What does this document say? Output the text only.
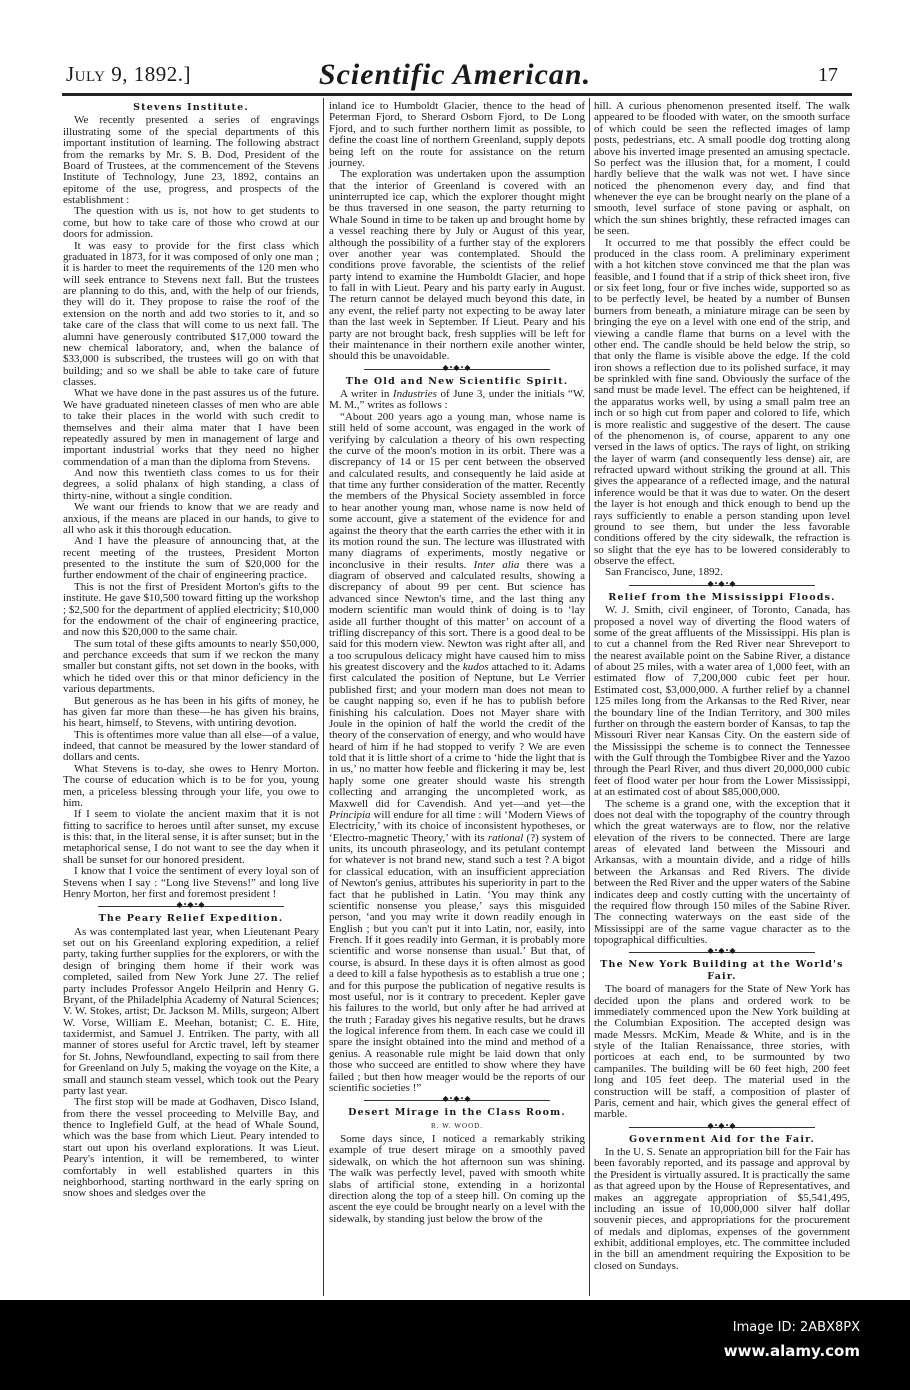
July 9, 1892.]	Scientific American.	17
Stevens Institute.

We recently presented a series of engravings illustrating some of the special departments of this important institution of learning. The following abstract from the remarks by Mr. S. B. Dod, President of the Board of Trustees, at the commencement of the Stevens Institute of Technology, June 23, 1892, contains an epitome of the use, progress, and prospects of the establishment :

The question with us is, not how to get students to come, but how to take care of those who crowd at our doors for admission.

It was easy to provide for the first class which graduated in 1873, for it was composed of only one man ; it is harder to meet the requirements of the 120 men who will seek entrance to Stevens next fall. But the trustees are planning to do this, and, with the help of our friends, they will do it. They propose to raise the roof of the extension on the north and add two stories to it, and so take care of the class that will come to us next fall. The alumni have generously contributed $17,000 toward the new chemical laboratory, and, when the balance of $33,000 is subscribed, the trustees will go on with that building; and so we shall be able to take care of future classes.

What we have done in the past assures us of the future. We have graduated nineteen classes of men who are able to take their places in the world with such credit to themselves and their alma mater that I have been repeatedly assured by men in management of large and important industrial works that they need no higher commendation of a man than the diploma from Stevens.

And now this twentieth class comes to us for their degrees, a solid phalanx of high standing, a class of thirty-nine, without a single condition.

We want our friends to know that we are ready and anxious, if the means are placed in our hands, to give to all who ask it this thorough education.

And I have the pleasure of announcing that, at the recent meeting of the trustees, President Morton presented to the institute the sum of $20,000 for the further endowment of the chair of engineering practice.

This is not the first of President Morton's gifts to the institute. He gave $10,500 toward fitting up the workshop ; $2,500 for the department of applied electricity; $10,000 for the endowment of the chair of engineering practice, and now this $20,000 to the same chair.

The sum total of these gifts amounts to nearly $50,000, and perchance exceeds that sum if we reckon the many smaller but constant gifts, not set down in the books, with which he tided over this or that minor deficiency in the various departments.

But generous as he has been in his gifts of money, he has given far more than these—he has given his brains, his heart, himself, to Stevens, with untiring devotion.

This is oftentimes more value than all else—of a value, indeed, that cannot be measured by the lower standard of dollars and cents.

What Stevens is to-day, she owes to Henry Morton. The course of education which is to be for you, young men, a priceless blessing through your life, you owe to him.

If I seem to violate the ancient maxim that it is not fitting to sacrifice to heroes until after sunset, my excuse is this: that, in the literal sense, it is after sunset; but in the metaphorical sense, I do not want to see the day when it shall be sunset for our honored president.

I know that I voice the sentiment of every loyal son of Stevens when I say : “Long live Stevens!” and long live Henry Morton, her first and foremost president !

◆•◆•◆
The Peary Relief Expedition.

As was contemplated last year, when Lieutenant Peary set out on his Greenland exploring expedition, a relief party, taking further supplies for the explorers, or with the design of bringing them home if their work was completed, sailed from New York June 27. The relief party includes Professor Angelo Heilprin and Henry G. Bryant, of the Philadelphia Academy of Natural Sciences; V. W. Stokes, artist; Dr. Jackson M. Mills, surgeon; Albert W. Vorse, William E. Meehan, botanist; C. E. Hite, taxidermist, and Samuel J. Entriken. The party, with all manner of stores useful for Arctic travel, left by steamer for St. Johns, Newfoundland, expecting to sail from there for Greenland on July 5, making the voyage on the Kite, a small and staunch steam vessel, which took out the Peary party last year.

The first stop will be made at Godhaven, Disco Island, from there the vessel proceeding to Melville Bay, and thence to Inglefield Gulf, at the head of Whale Sound, which was the base from which Lieut. Peary intended to start out upon his overland explorations. It was Lieut. Peary's intention, it will be remembered, to winter comfortably in well established quarters in this neighborhood, starting northward in the early spring on snow shoes and sledges over the

inland ice to Humboldt Glacier, thence to the head of Peterman Fjord, to Sherard Osborn Fjord, to De Long Fjord, and to such further northern limit as possible, to define the coast line of northern Greenland, supply depots being left on the route for assistance on the return journey.

The exploration was undertaken upon the assumption that the interior of Greenland is covered with an uninterrupted ice cap, which the explorer thought might be thus traversed in one season, the party returning to Whale Sound in time to be taken up and brought home by a vessel reaching there by July or August of this year, although the possibility of a further stay of the explorers over another year was contemplated. Should the conditions prove favorable, the scientists of the relief party intend to examine the Humboldt Glacier, and hope to fall in with Lieut. Peary and his party early in August. The return cannot be delayed much beyond this date, in any event, the relief party not expecting to be away later than the last week in September. If Lieut. Peary and his party are not brought back, fresh supplies will be left for their maintenance in their northern exile another winter, should this be unavoidable.

◆•◆•◆
The Old and New Scientific Spirit.

A writer in Industries of June 3, under the initials “W. M. M.,” writes as follows :

“About 200 years ago a young man, whose name is still held of some account, was engaged in the work of verifying by calculation a theory of his own respecting the curve of the moon's motion in its orbit. There was a discrepancy of 14 or 15 per cent between the observed and calculated results, and consequently he laid aside at that time any further consideration of the matter. Recently the members of the Physical Society assembled in force to hear another young man, whose name is now held of some account, give a statement of the evidence for and against the theory that the earth carries the ether with it in its motion round the sun. The lecture was illustrated with many diagrams of experiments, mostly negative or inconclusive in their results. Inter alia there was a diagram of observed and calculated results, showing a discrepancy of about 99 per cent. But science has advanced since Newton's time, and the last thing any modern scientific man would think of doing is to ‘lay aside all further thought of this matter’ on account of a trifling discrepancy of this sort. There is a good deal to be said for this modern view. Newton was right after all, and a too scrupulous delicacy might have caused him to miss his greatest discovery and the kudos attached to it. Adams first calculated the position of Neptune, but Le Verrier published first; and your modern man does not mean to be caught napping so, even if he has to publish before finishing his calculation. Does not Mayer share with Joule in the opinion of half the world the credit of the theory of the conservation of energy, and who would have heard of him if he had stopped to verify ? We are even told that it is little short of a crime to ‘hide the light that is in us,’ no matter how feeble and flickering it may be, lest haply some one greater should waste his strength collecting and arranging the uncompleted work, as Maxwell did for Cavendish. And yet—and yet—the Principia will endure for all time : will ‘Modern Views of Electricity,’ with its choice of inconsistent hypotheses, or ‘Electro-magnetic Theory,’ with its rational (?) system of units, its uncouth phraseology, and its petulant contempt for whatever is not brand new, stand such a test ? A bigot for classical education, with an insufficient appreciation of Newton's genius, attributes his superiority in part to the fact that he published in Latin. ‘You may think any scientific nonsense you please,’ says this misguided person, ‘and you may write it down readily enough in English ; but you can't put it into Latin, nor, easily, into French. If it goes readily into German, it is probably more scientific and worse nonsense than usual.’ But that, of course, is absurd. In these days it is often almost as good a deed to kill a false hypothesis as to establish a true one ; and for this purpose the publication of negative results is most useful, nor is it contrary to precedent. Kepler gave his failures to the world, but only after he had arrived at the truth ; Faraday gives his negative results, but he draws the logical inference from them. In each case we could ill spare the insight obtained into the mind and method of a genius. A reasonable rule might be laid down that only those who succeed are entitled to show where they have failed ; but then how meager would be the reports of our scientific societies !”

◆•◆•◆
Desert Mirage in the Class Room.
R. W. WOOD.

Some days since, I noticed a remarkably striking example of true desert mirage on a smoothly paved sidewalk, on which the hot afternoon sun was shining. The walk was perfectly level, paved with smooth white slabs of artificial stone, extending in a horizontal direction along the top of a steep hill. On coming up the ascent the eye could be brought nearly on a level with the sidewalk, by standing just below the brow of the

hill. A curious phenomenon presented itself. The walk appeared to be flooded with water, on the smooth surface of which could be seen the reflected images of lamp posts, pedestrians, etc. A small poodle dog trotting along above his inverted image presented an amusing spectacle. So perfect was the illusion that, for a moment, I could hardly believe that the walk was not wet. I have since noticed the phenomenon every day, and find that whenever the eye can be brought nearly on the plane of a smooth, level surface of stone paving or asphalt, on which the sun shines brightly, these refracted images can be seen.

It occurred to me that possibly the effect could be produced in the class room. A preliminary experiment with a hot kitchen stove convinced me that the plan was feasible, and I found that if a strip of thick sheet iron, five or six feet long, four or five inches wide, supported so as to be perfectly level, be heated by a number of Bunsen burners from beneath, a miniature mirage can be seen by bringing the eye on a level with one end of the strip, and viewing a candle flame that burns on a level with the other end. The candle should be held below the strip, so that only the flame is visible above the edge. If the cold iron shows a reflection due to its polished surface, it may be sprinkled with fine sand. Obviously the surface of the sand must be made level. The effect can be heightened, if the apparatus works well, by using a small palm tree an inch or so high cut from paper and colored to life, which is more realistic and suggestive of the desert. The cause of the phenomenon is, of course, apparent to any one versed in the laws of optics. The rays of light, on striking the layer of warm (and consequently less dense) air, are refracted upward without striking the ground at all. This gives the appearance of a reflected image, and the natural inference would be that it was due to water. On the desert the layer is hot enough and thick enough to bend up the rays sufficiently to enable a person standing upon level ground to see them, but under the less favorable conditions offered by the city sidewalk, the refraction is so slight that the eye has to be lowered considerably to observe the effect.

San Francisco, June, 1892.

◆•◆•◆
Relief from the Mississippi Floods.

W. J. Smith, civil engineer, of Toronto, Canada, has proposed a novel way of diverting the flood waters of some of the great affluents of the Mississippi. His plan is to cut a channel from the Red River near Shreveport to the nearest available point on the Sabine River, a distance of about 25 miles, with a water area of 1,000 feet, with an estimated flow of 7,200,000 cubic feet per hour. Estimated cost, $3,000,000. A further relief by a channel 125 miles long from the Arkansas to the Red River, near the boundary line of the Indian Territory, and 300 miles further on through the eastern border of Kansas, to tap the Missouri River near Kansas City. On the eastern side of the Mississippi the scheme is to connect the Tennessee with the Gulf through the Tombigbee River and the Yazoo through the Pearl River, and thus divert 20,000,000 cubic feet of flood water per hour from the Lower Mississippi, at an estimated cost of about $85,000,000.

The scheme is a grand one, with the exception that it does not deal with the topography of the country through which the great waterways are to flow, nor the relative elevation of the rivers to be connected. There are large areas of elevated land between the Missouri and Arkansas, with a mountain divide, and a ridge of hills between the Arkansas and Red Rivers. The divide between the Red River and the upper waters of the Sabine indicates deep and costly cutting with the uncertainty of the required flow through 150 miles of the Sabine River. The connecting waterways on the east side of the Mississippi are of the same vague character as to the topographical difficulties.

◆•◆•◆
The New York Building at the World's Fair.

The board of managers for the State of New York has decided upon the plans and ordered work to be immediately commenced upon the New York building at the Columbian Exposition. The accepted design was made Messrs. McKim, Meade & White, and is in the style of the Italian Renaissance, three stories, with porticoes at each end, to be surmounted by two campaniles. The building will be 60 feet high, 200 feet long and 105 feet deep. The material used in the construction will be staff, a composition of plaster of Paris, cement and hair, which gives the general effect of marble.

◆•◆•◆
Government Aid for the Fair.

In the U. S. Senate an appropriation bill for the Fair has been favorably reported, and its passage and approval by the President is virtually assured. It is practically the same as that agreed upon by the House of Representatives, and makes an aggregate appropriation of $5,541,495, including an issue of 10,000,000 silver half dollar souvenir pieces, and appropriations for the procurement of medals and diplomas, expenses of the government exhibit, additional employes, etc. The committee included in the bill an amendment requiring the Exposition to be closed on Sundays.

Image ID: 2ABX8PX
www.alamy.com
